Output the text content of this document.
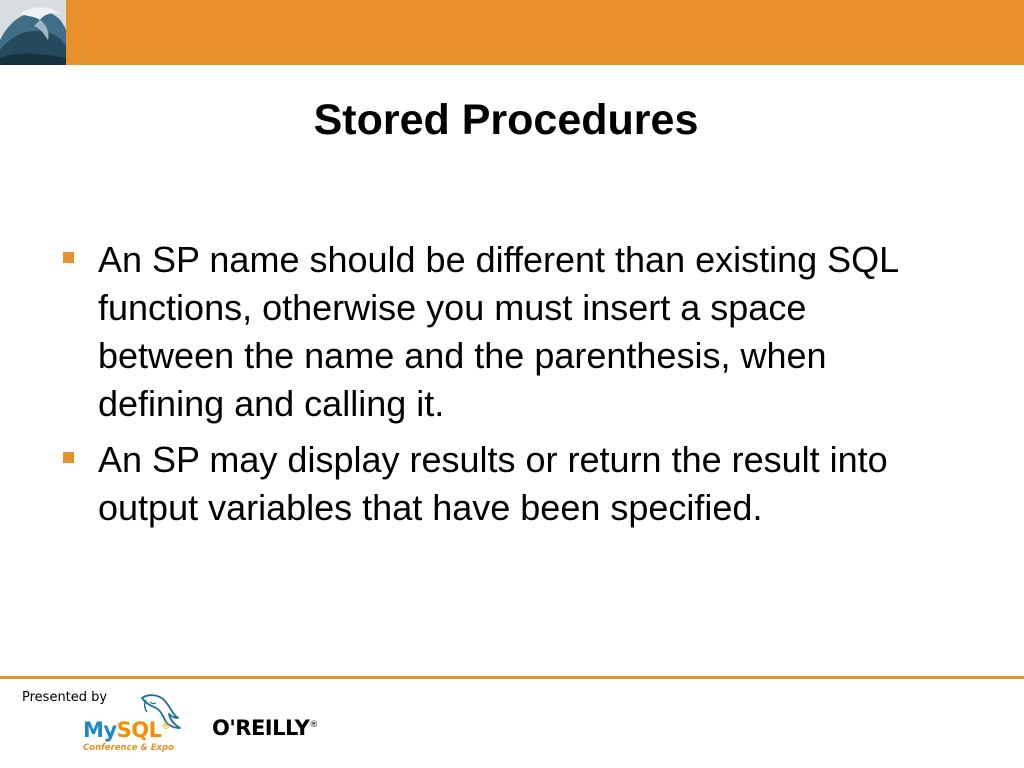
Stored Procedures
An SP name should be different than existing SQL functions, otherwise you must insert a space between the name and the parenthesis, when defining and calling it.
An SP may display results or return the result into output variables that have been specified.
Presented by
MySQL®
Conference & Expo
O'REILLY®
